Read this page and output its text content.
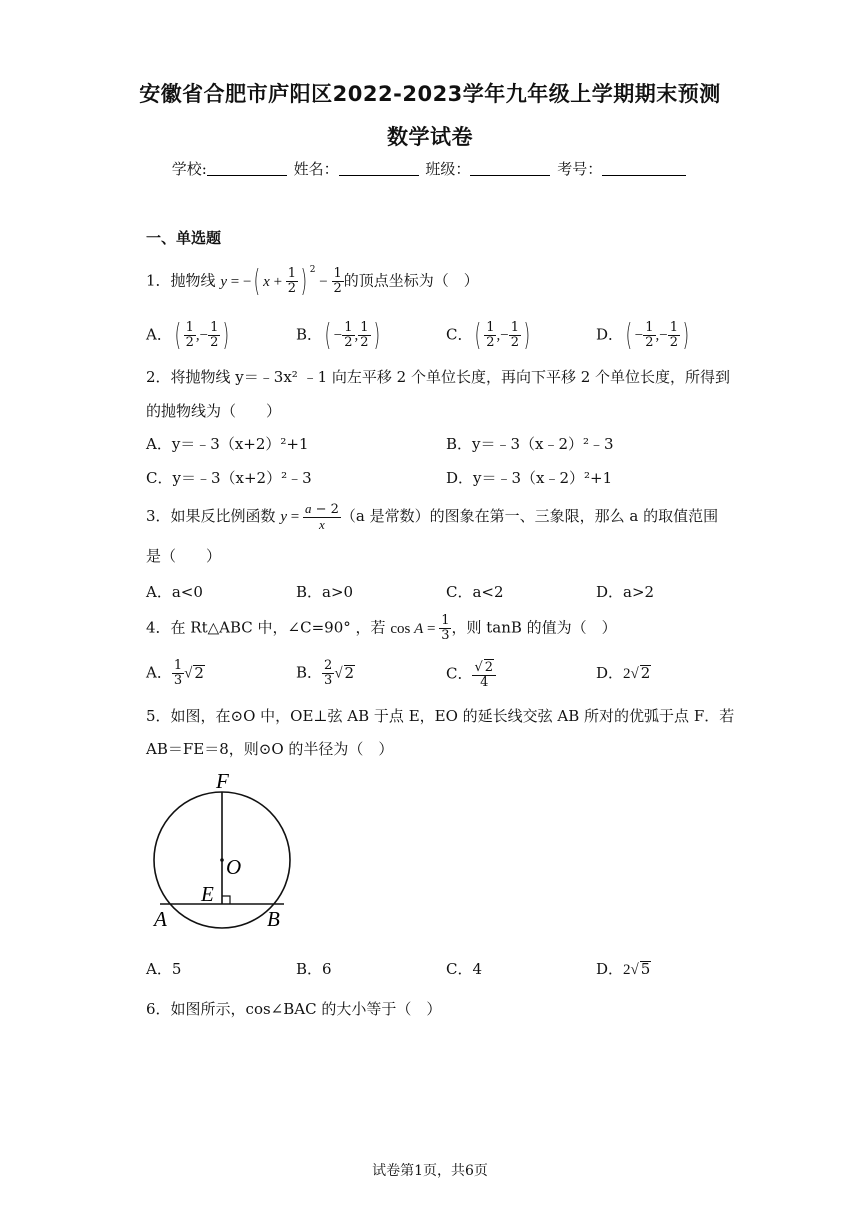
安徽省合肥市庐阳区2022-2023学年九年级上学期期末预测
数学试卷
学校:	姓名：	班级：	考号：
一、单选题
1．抛物线 y = −( $x + \frac{1}{2}$ ) $^2 - \frac{1}{2}$ 的顶点坐标为（　）
A．( $\frac{1}{2}$ ,− $\frac{1}{2}$ )	B．( − $\frac{1}{2}$ , $\frac{1}{2}$ )	C．( $\frac{1}{2}$ ,− $\frac{1}{2}$ )	D．( − $\frac{1}{2}$ ,− $\frac{1}{2}$ )
2．将抛物线 y＝﹣3x² ﹣1 向左平移 2 个单位长度，再向下平移 2 个单位长度，所得到
的抛物线为（　　）
A．y＝﹣3（x+2）²+1	B．y＝﹣3（x﹣2）²﹣3
C．y＝﹣3（x+2）²﹣3	D．y＝﹣3（x﹣2）²+1
3．如果反比例函数 $y = \frac{a - 2}{x} (a$ 是常数）的图象在第一、三象限，那么 a 的取值范围
是（　　）
A．a<0	B．a>0	C．a<2	D．a>2
4．在 Rt△ABC 中，∠C=90° ，若 $\cos A = \frac{1}{3}$ ，则 tanB 的值为（　）
A． $\frac{1}{3}$ √ 2	B． $\frac{2}{3}$ √ 2	C． $\frac{√ 2}{4}$	D．2√ 2
5．如图，在⊙O 中，OE⊥弦 AB 于点 E，EO 的延长线交弦 AB 所对的优弧于点 F．若
AB＝FE＝8，则⊙O 的半径为（　）
F
O
E
A	B
A．5	B．6	C．4	D．2√ 5
6．如图所示，cos∠BAC 的大小等于（　）
试卷第1页，共6页
